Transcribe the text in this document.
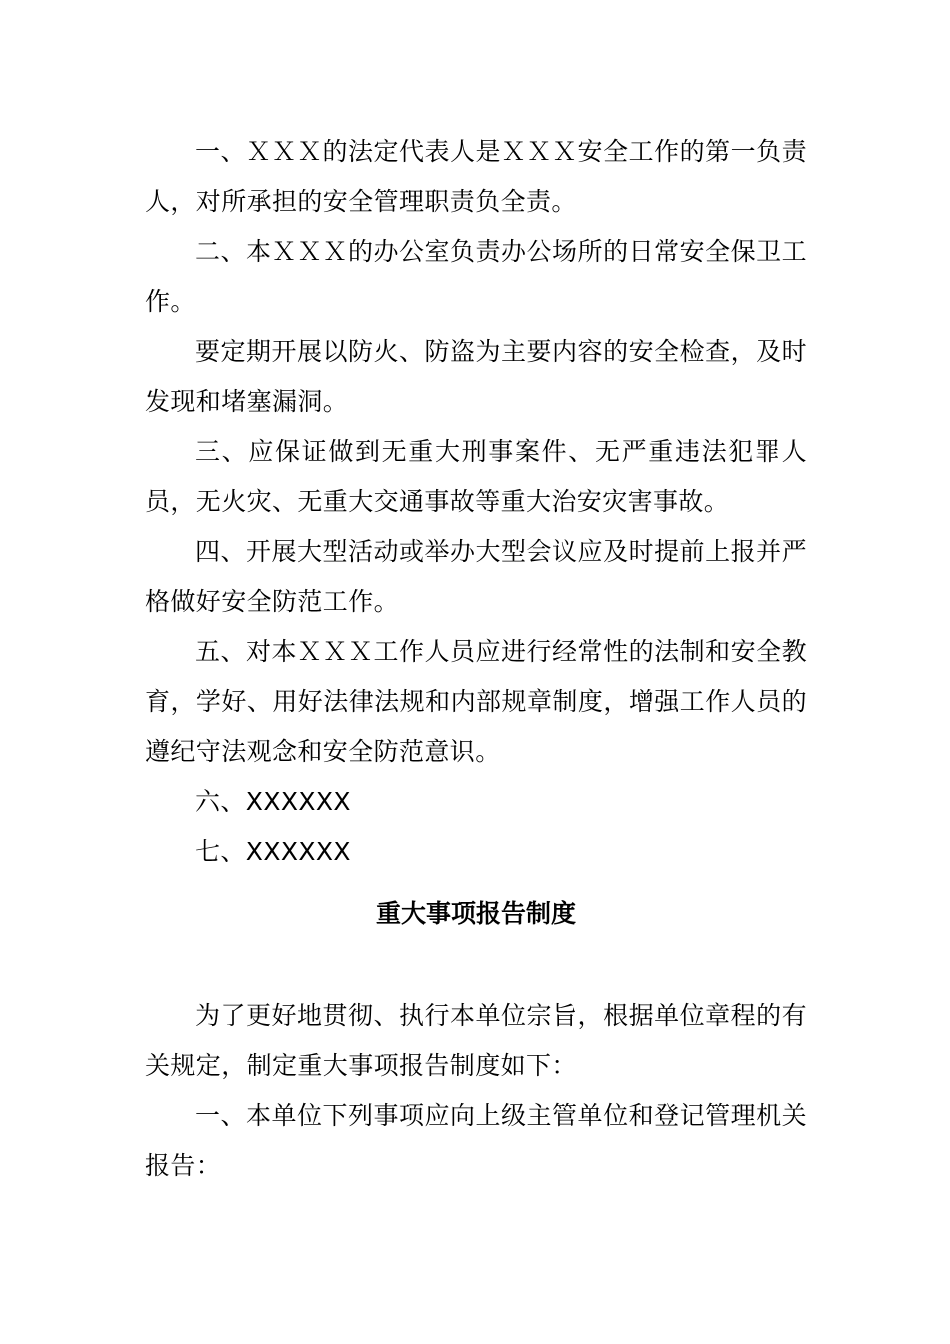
一、ＸＸＸ的法定代表人是ＸＸＸ安全工作的第一负责人，对所承担的安全管理职责负全责。

二、本ＸＸＸ的办公室负责办公场所的日常安全保卫工作。

要定期开展以防火、防盗为主要内容的安全检查，及时发现和堵塞漏洞。

三、应保证做到无重大刑事案件、无严重违法犯罪人员，无火灾、无重大交通事故等重大治安灾害事故。

四、开展大型活动或举办大型会议应及时提前上报并严格做好安全防范工作。

五、对本ＸＸＸ工作人员应进行经常性的法制和安全教育，学好、用好法律法规和内部规章制度，增强工作人员的遵纪守法观念和安全防范意识。

六、XXXXXX

七、XXXXXX

重大事项报告制度

为了更好地贯彻、执行本单位宗旨，根据单位章程的有关规定，制定重大事项报告制度如下：

一、本单位下列事项应向上级主管单位和登记管理机关报告：
